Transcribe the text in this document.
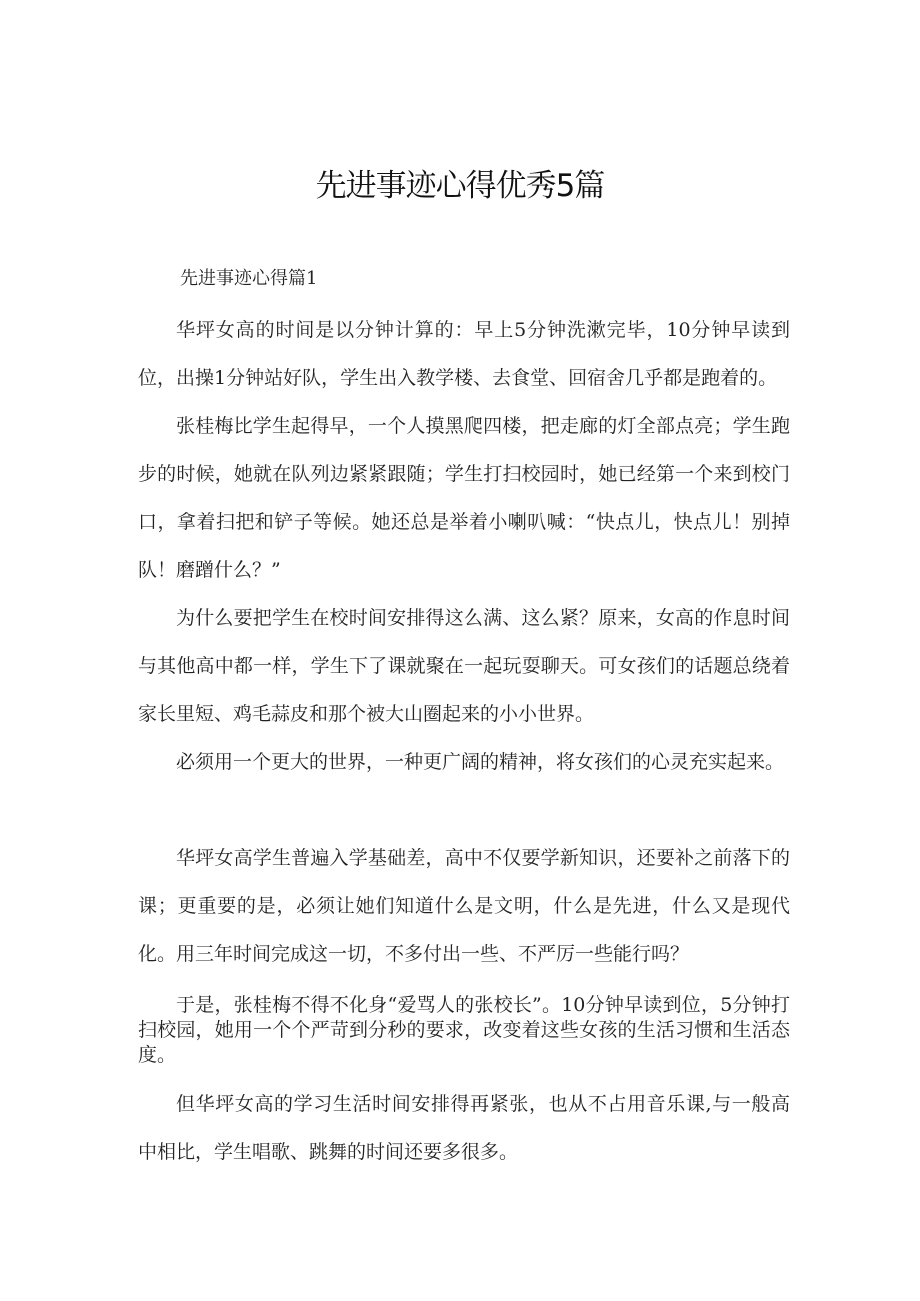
先进事迹心得优秀5篇

先进事迹心得篇1

华坪女高的时间是以分钟计算的：早上5分钟洗漱完毕，10分钟早读到位，出操1分钟站好队，学生出入教学楼、去食堂、回宿舍几乎都是跑着的。

张桂梅比学生起得早，一个人摸黑爬四楼，把走廊的灯全部点亮；学生跑步的时候，她就在队列边紧紧跟随；学生打扫校园时，她已经第一个来到校门口，拿着扫把和铲子等候。她还总是举着小喇叭喊：“快点儿，快点儿！别掉队！磨蹭什么？”

为什么要把学生在校时间安排得这么满、这么紧？原来，女高的作息时间与其他高中都一样，学生下了课就聚在一起玩耍聊天。可女孩们的话题总绕着家长里短、鸡毛蒜皮和那个被大山圈起来的小小世界。

必须用一个更大的世界，一种更广阔的精神，将女孩们的心灵充实起来。

华坪女高学生普遍入学基础差，高中不仅要学新知识，还要补之前落下的课；更重要的是，必须让她们知道什么是文明，什么是先进，什么又是现代化。用三年时间完成这一切，不多付出一些、不严厉一些能行吗？

于是，张桂梅不得不化身“爱骂人的张校长”。10分钟早读到位，5分钟打扫校园，她用一个个严苛到分秒的要求，改变着这些女孩的生活习惯和生活态度。

但华坪女高的学习生活时间安排得再紧张，也从不占用音乐课,与一般高中相比，学生唱歌、跳舞的时间还要多很多。
